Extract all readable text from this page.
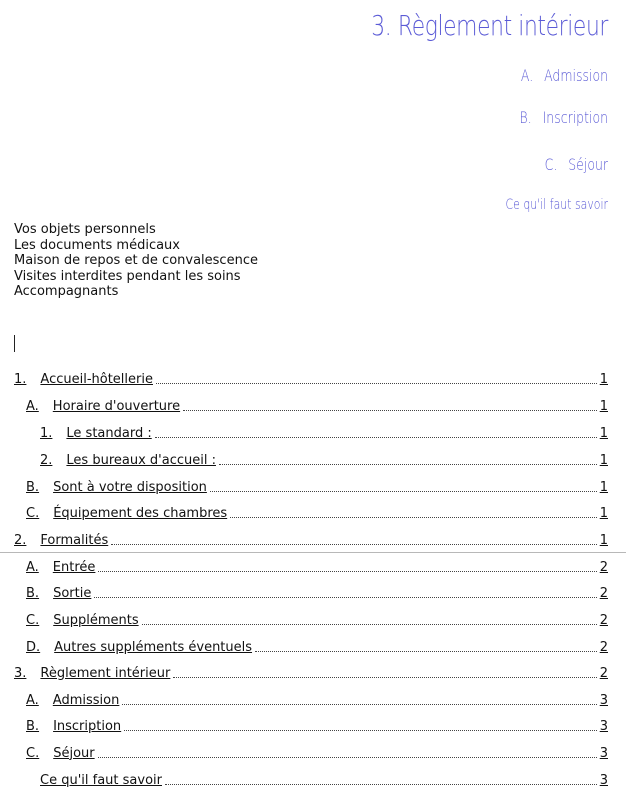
3. Règlement intérieur
A. Admission
B. Inscription
C. Séjour
Ce qu'il faut savoir
Vos objets personnels
Les documents médicaux
Maison de repos et de convalescence
Visites interdites pendant les soins
Accompagnants
1. Accueil-hôtellerie	1
A. Horaire d'ouverture	1
1. Le standard :	1
2. Les bureaux d'accueil :	1
B. Sont à votre disposition	1
C. Équipement des chambres	1
2. Formalités	1
A. Entrée	2
B. Sortie	2
C. Suppléments	2
D. Autres suppléments éventuels	2
3. Règlement intérieur	2
A. Admission	3
B. Inscription	3
C. Séjour	3
Ce qu'il faut savoir	3
